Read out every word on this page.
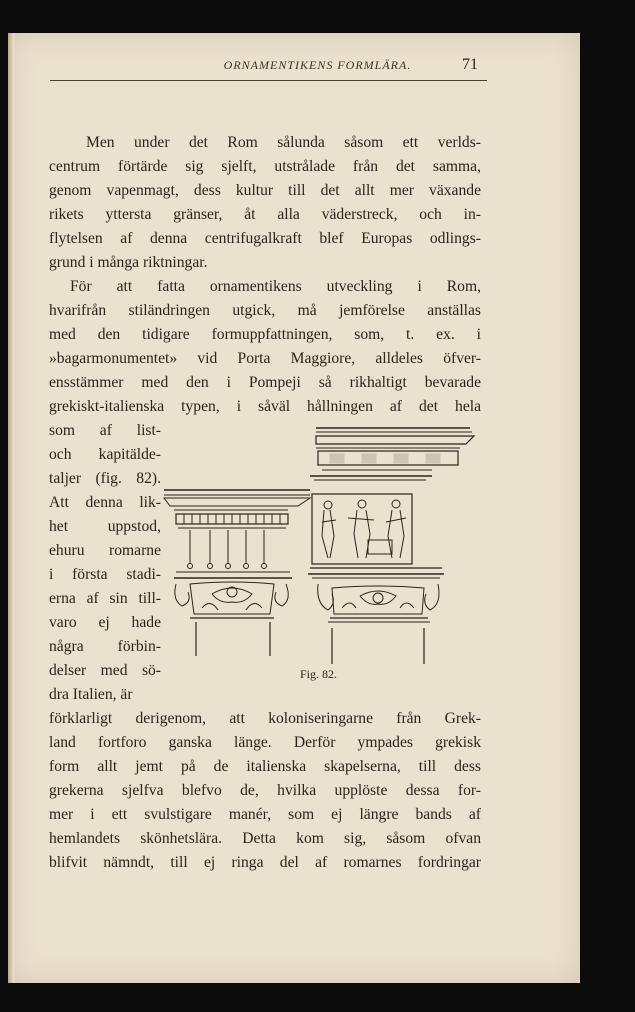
ORNAMENTIKENS FORMLÄRA.	71
Men under det Rom sålunda såsom ett verlds-
centrum förtärde sig sjelft, utstrålade från det samma,
genom vapenmagt, dess kultur till det allt mer växande
rikets yttersta gränser, åt alla väderstreck, och in-
flytelsen af denna centrifugalkraft blef Europas odlings-
grund i många riktningar.
För att fatta ornamentikens utveckling i Rom,
hvarifrån stiländringen utgick, må jemförelse anställas
med den tidigare formuppfattningen, som, t. ex. i
»bagarmonumentet» vid Porta Maggiore, alldeles öfver-
ensstämmer med den i Pompeji så rikhaltigt bevarade
grekiskt-italienska typen, i såväl hållningen af det hela
som af list-
och kapitälde-
taljer (fig. 82).
Att denna lik-
het uppstod,
ehuru romarne
i första stadi-
erna af sin till-
varo ej hade
några förbin-
delser med sö-
dra Italien, är
Fig. 82.
förklarligt derigenom, att koloniseringarne från Grek-
land fortforo ganska länge. Derför ympades grekisk
form allt jemt på de italienska skapelserna, till dess
grekerna sjelfva blefvo de, hvilka upplöste dessa for-
mer i ett svulstigare manér, som ej längre bands af
hemlandets skönhetslära. Detta kom sig, såsom ofvan
blifvit nämndt, till ej ringa del af romarnes fordringar
